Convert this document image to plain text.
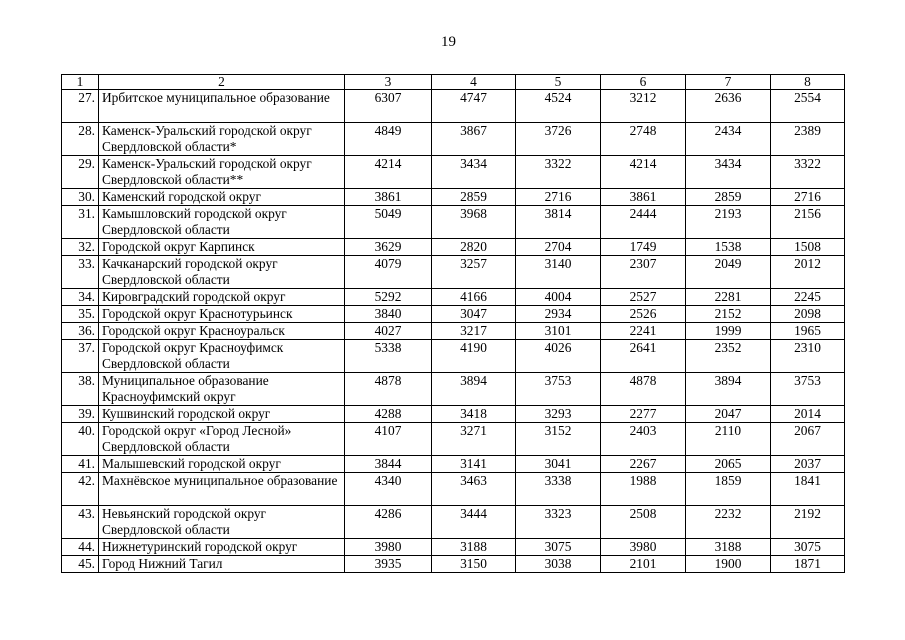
19
1	2	3	4	5	6	7	8
27.	Ирбитское муниципальное образование	6307	4747	4524	3212	2636	2554
28.	Каменск-Уральский городской округ Свердловской области*	4849	3867	3726	2748	2434	2389
29.	Каменск-Уральский городской округ Свердловской области**	4214	3434	3322	4214	3434	3322
30.	Каменский городской округ	3861	2859	2716	3861	2859	2716
31.	Камышловский городской округ Свердловской области	5049	3968	3814	2444	2193	2156
32.	Городской округ Карпинск	3629	2820	2704	1749	1538	1508
33.	Качканарский городской округ Свердловской области	4079	3257	3140	2307	2049	2012
34.	Кировградский городской округ	5292	4166	4004	2527	2281	2245
35.	Городской округ Краснотурьинск	3840	3047	2934	2526	2152	2098
36.	Городской округ Красноуральск	4027	3217	3101	2241	1999	1965
37.	Городской округ Красноуфимск Свердловской области	5338	4190	4026	2641	2352	2310
38.	Муниципальное образование Красноуфимский округ	4878	3894	3753	4878	3894	3753
39.	Кушвинский городской округ	4288	3418	3293	2277	2047	2014
40.	Городской округ «Город Лесной» Свердловской области	4107	3271	3152	2403	2110	2067
41.	Малышевский городской округ	3844	3141	3041	2267	2065	2037
42.	Махнёвское муниципальное образование	4340	3463	3338	1988	1859	1841
43.	Невьянский городской округ Свердловской области	4286	3444	3323	2508	2232	2192
44.	Нижнетуринский городской округ	3980	3188	3075	3980	3188	3075
45.	Город Нижний Тагил	3935	3150	3038	2101	1900	1871
